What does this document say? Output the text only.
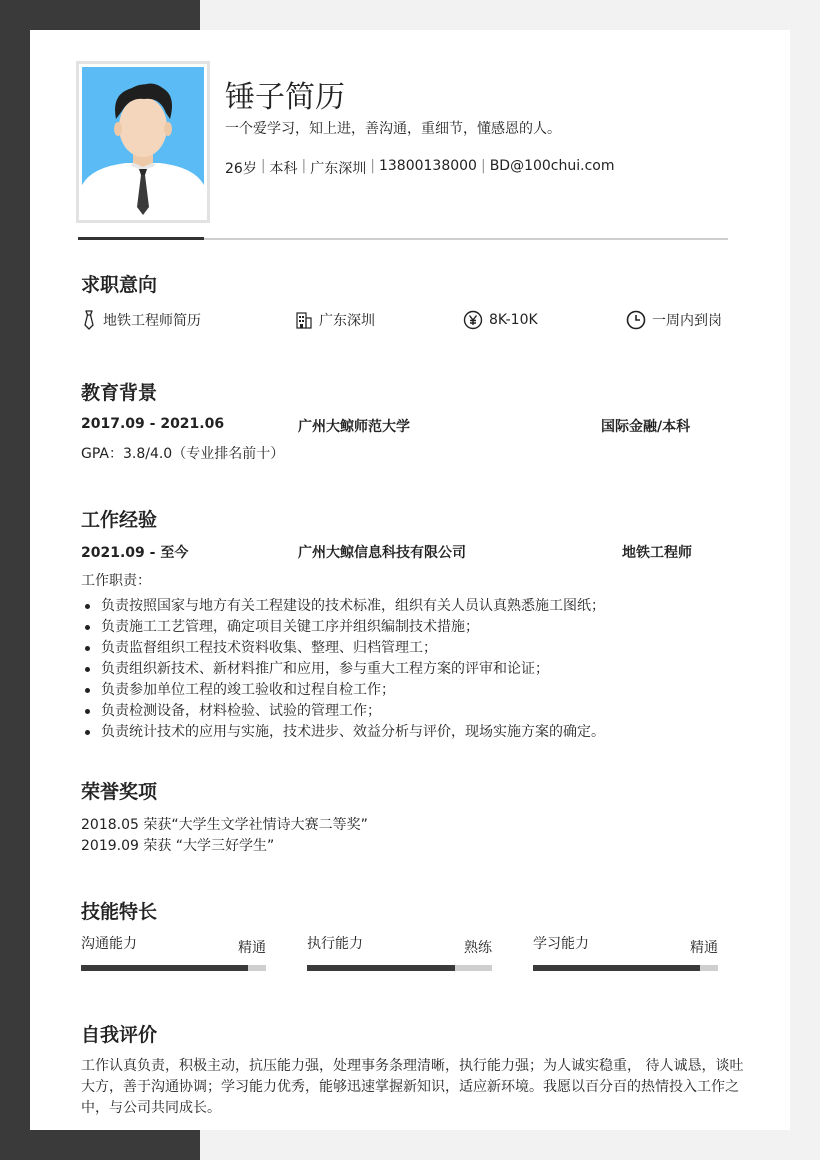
锤子简历
一个爱学习，知上进，善沟通，重细节，懂感恩的人。
26岁 | 本科 | 广东深圳 | 13800138000 | BD@100chui.com
求职意向
地铁工程师简历	广东深圳	8K-10K	一周内到岗
教育背景
2017.09 - 2021.06	广州大鲸师范大学	国际金融/本科
GPA：3.8/4.0（专业排名前十）
工作经验
2021.09 - 至今	广州大鲸信息科技有限公司	地铁工程师
工作职责：
负责按照国家与地方有关工程建设的技术标准，组织有关人员认真熟悉施工图纸；
负责施工工艺管理，确定项目关键工序并组织编制技术措施；
负责监督组织工程技术资料收集、整理、归档管理工；
负责组织新技术、新材料推广和应用，参与重大工程方案的评审和论证；
负责参加单位工程的竣工验收和过程自检工作；
负责检测设备，材料检验、试验的管理工作；
负责统计技术的应用与实施，技术进步、效益分析与评价，现场实施方案的确定。
荣誉奖项
2018.05 荣获“大学生文学社情诗大赛二等奖”
2019.09 荣获 “大学三好学生”
技能特长
沟通能力	精通	执行能力	熟练	学习能力	精通
自我评价
工作认真负责，积极主动，抗压能力强，处理事务条理清晰，执行能力强；为人诚实稳重， 待人诚恳，谈吐大方，善于沟通协调；学习能力优秀，能够迅速掌握新知识，适应新环境。我愿以百分百的热情投入工作之中，与公司共同成长。
